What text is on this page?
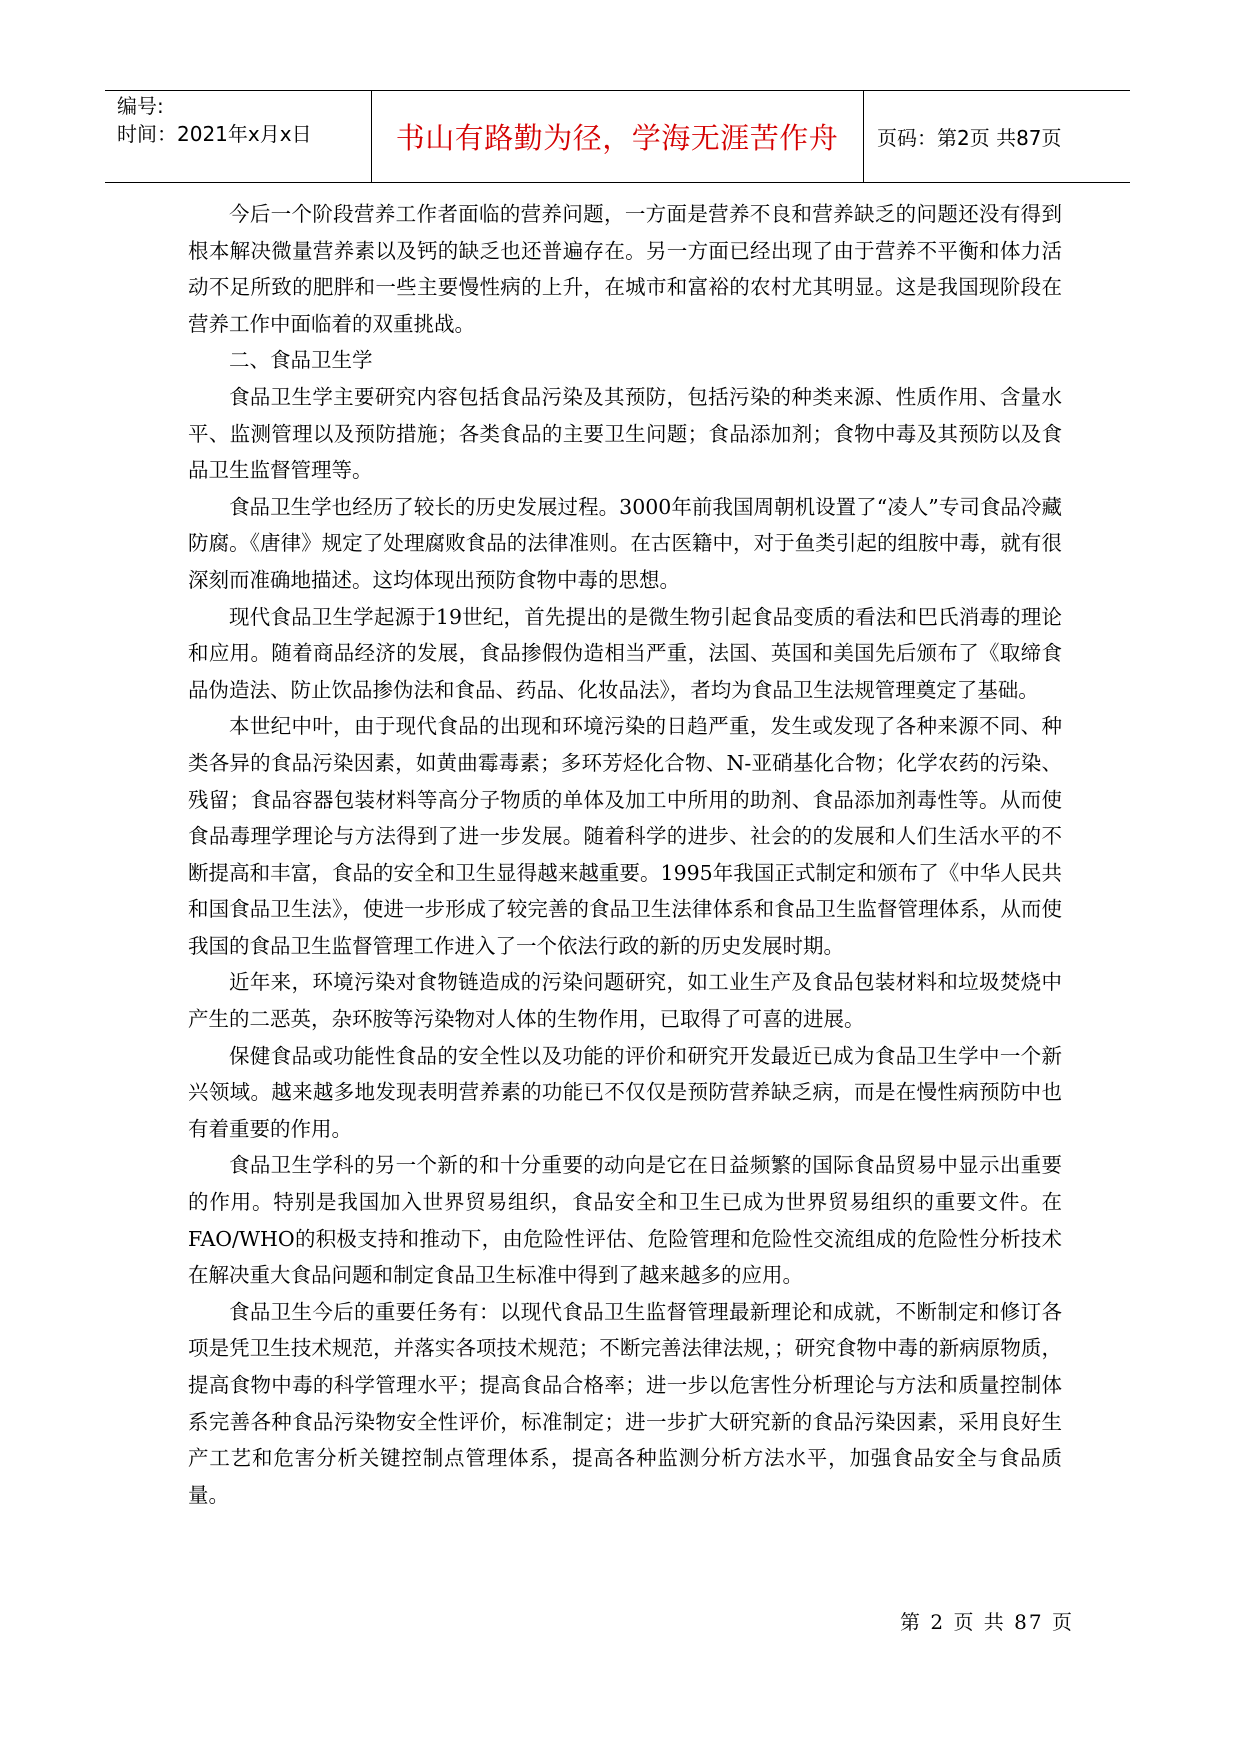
编号:
时间：2021年x月x日	书山有路勤为径，学海无涯苦作舟 页码：第2页 共87页

今后一个阶段营养工作者面临的营养问题，一方面是营养不良和营养缺乏的问题还没有得到根本解决微量营养素以及钙的缺乏也还普遍存在。另一方面已经出现了由于营养不平衡和体力活动不足所致的肥胖和一些主要慢性病的上升，在城市和富裕的农村尤其明显。这是我国现阶段在营养工作中面临着的双重挑战。

二、食品卫生学

食品卫生学主要研究内容包括食品污染及其预防，包括污染的种类来源、性质作用、含量水平、监测管理以及预防措施；各类食品的主要卫生问题；食品添加剂；食物中毒及其预防以及食品卫生监督管理等。

食品卫生学也经历了较长的历史发展过程。3000年前我国周朝机设置了“凌人”专司食品冷藏防腐。《唐律》规定了处理腐败食品的法律准则。在古医籍中，对于鱼类引起的组胺中毒，就有很深刻而准确地描述。这均体现出预防食物中毒的思想。

现代食品卫生学起源于19世纪，首先提出的是微生物引起食品变质的看法和巴氏消毒的理论和应用。随着商品经济的发展，食品掺假伪造相当严重，法国、英国和美国先后颁布了《取缔食品伪造法、防止饮品掺伪法和食品、药品、化妆品法》，者均为食品卫生法规管理奠定了基础。

本世纪中叶，由于现代食品的出现和环境污染的日趋严重，发生或发现了各种来源不同、种类各异的食品污染因素，如黄曲霉毒素；多环芳烃化合物、N-亚硝基化合物；化学农药的污染、残留；食品容器包装材料等高分子物质的单体及加工中所用的助剂、食品添加剂毒性等。从而使食品毒理学理论与方法得到了进一步发展。随着科学的进步、社会的的发展和人们生活水平的不断提高和丰富，食品的安全和卫生显得越来越重要。1995年我国正式制定和颁布了《中华人民共和国食品卫生法》，使进一步形成了较完善的食品卫生法律体系和食品卫生监督管理体系，从而使我国的食品卫生监督管理工作进入了一个依法行政的新的历史发展时期。

近年来，环境污染对食物链造成的污染问题研究，如工业生产及食品包装材料和垃圾焚烧中产生的二恶英，杂环胺等污染物对人体的生物作用，已取得了可喜的进展。

保健食品或功能性食品的安全性以及功能的评价和研究开发最近已成为食品卫生学中一个新兴领域。越来越多地发现表明营养素的功能已不仅仅是预防营养缺乏病，而是在慢性病预防中也有着重要的作用。

食品卫生学科的另一个新的和十分重要的动向是它在日益频繁的国际食品贸易中显示出重要的作用。特别是我国加入世界贸易组织，食品安全和卫生已成为世界贸易组织的重要文件。在FAO/WHO的积极支持和推动下，由危险性评估、危险管理和危险性交流组成的危险性分析技术在解决重大食品问题和制定食品卫生标准中得到了越来越多的应用。

食品卫生今后的重要任务有：以现代食品卫生监督管理最新理论和成就，不断制定和修订各项是凭卫生技术规范，并落实各项技术规范；不断完善法律法规，；研究食物中毒的新病原物质，提高食物中毒的科学管理水平；提高食品合格率；进一步以危害性分析理论与方法和质量控制体系完善各种食品污染物安全性评价，标准制定；进一步扩大研究新的食品污染因素，采用良好生产工艺和危害分析关键控制点管理体系，提高各种监测分析方法水平，加强食品安全与食品质量。

第 2 页 共 87 页
